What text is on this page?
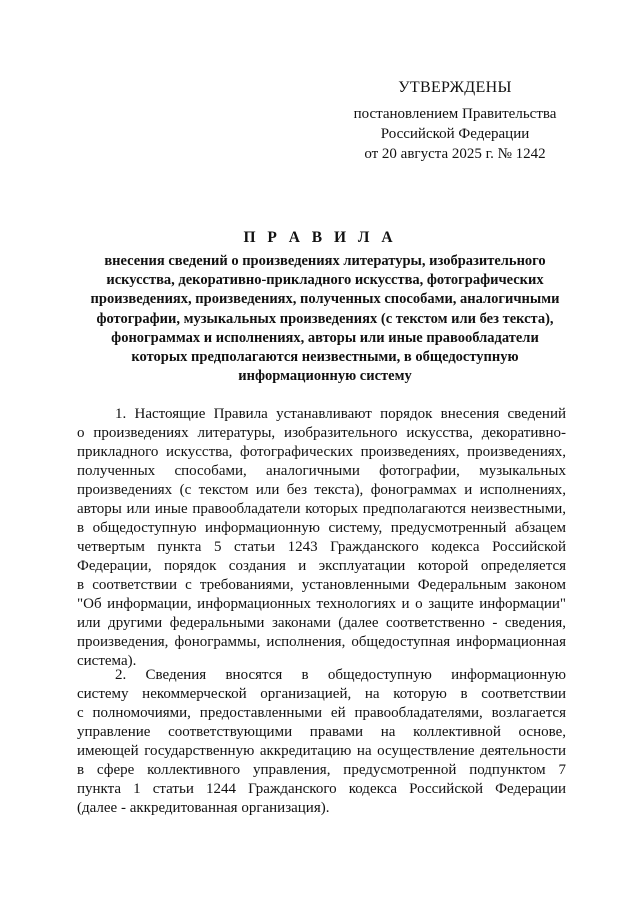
УТВЕРЖДЕНЫ
постановлением Правительства
Российской Федерации
от 20 августа 2025 г. № 1242
П Р А В И Л А
внесения сведений о произведениях литературы, изобразительного
искусства, декоративно-прикладного искусства, фотографических
произведениях, произведениях, полученных способами, аналогичными
фотографии, музыкальных произведениях (с текстом или без текста),
фонограммах и исполнениях, авторы или иные правообладатели
которых предполагаются неизвестными, в общедоступную
информационную систему
1. Настоящие Правила устанавливают порядок внесения сведений
о произведениях литературы, изобразительного искусства, декоративно-
прикладного искусства, фотографических произведениях, произведениях,
полученных способами, аналогичными фотографии, музыкальных
произведениях (с текстом или без текста), фонограммах и исполнениях,
авторы или иные правообладатели которых предполагаются неизвестными,
в общедоступную информационную систему, предусмотренный абзацем
четвертым пункта 5 статьи 1243 Гражданского кодекса Российской
Федерации, порядок создания и эксплуатации которой определяется
в соответствии с требованиями, установленными Федеральным законом
"Об информации, информационных технологиях и о защите информации"
или другими федеральными законами (далее соответственно - сведения,
произведения, фонограммы, исполнения, общедоступная информационная
система).
2. Сведения вносятся в общедоступную информационную
систему некоммерческой организацией, на которую в соответствии
с полномочиями, предоставленными ей правообладателями, возлагается
управление соответствующими правами на коллективной основе,
имеющей государственную аккредитацию на осуществление деятельности
в сфере коллективного управления, предусмотренной подпунктом 7
пункта 1 статьи 1244 Гражданского кодекса Российской Федерации
(далее - аккредитованная организация).
